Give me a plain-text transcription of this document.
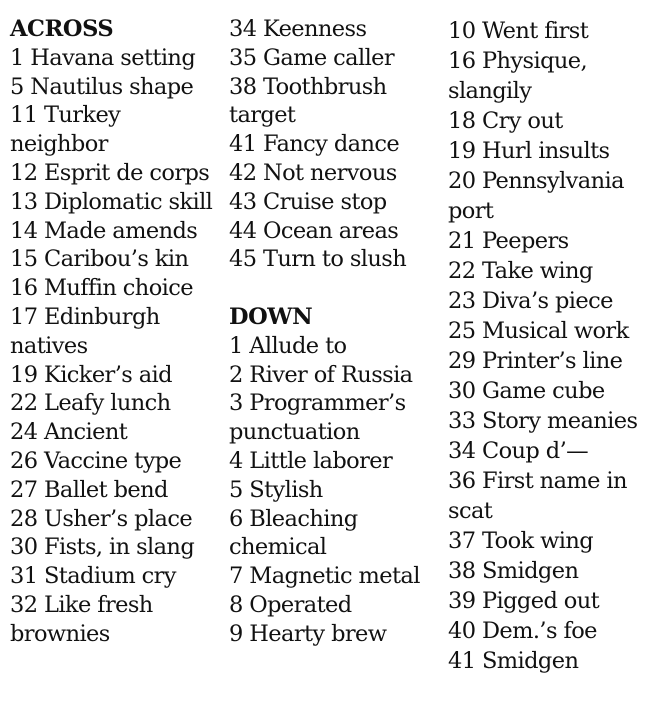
ACROSS
1 Havana setting
5 Nautilus shape
11 Turkey neighbor
12 Esprit de corps
13 Diplomatic skill
14 Made amends
15 Caribou’s kin
16 Muffin choice
17 Edinburgh natives
19 Kicker’s aid
22 Leafy lunch
24 Ancient
26 Vaccine type
27 Ballet bend
28 Usher’s place
30 Fists, in slang
31 Stadium cry
32 Like fresh brownies
34 Keenness
35 Game caller
38 Toothbrush target
41 Fancy dance
42 Not nervous
43 Cruise stop
44 Ocean areas
45 Turn to slush
DOWN
1 Allude to
2 River of Russia
3 Programmer’s punctuation
4 Little laborer
5 Stylish
6 Bleaching chemical
7 Magnetic metal
8 Operated
9 Hearty brew
10 Went first
16 Physique, slangily
18 Cry out
19 Hurl insults
20 Pennsylvania port
21 Peepers
22 Take wing
23 Diva’s piece
25 Musical work
29 Printer’s line
30 Game cube
33 Story meanies
34 Coup d’—
36 First name in scat
37 Took wing
38 Smidgen
39 Pigged out
40 Dem.’s foe
41 Smidgen
